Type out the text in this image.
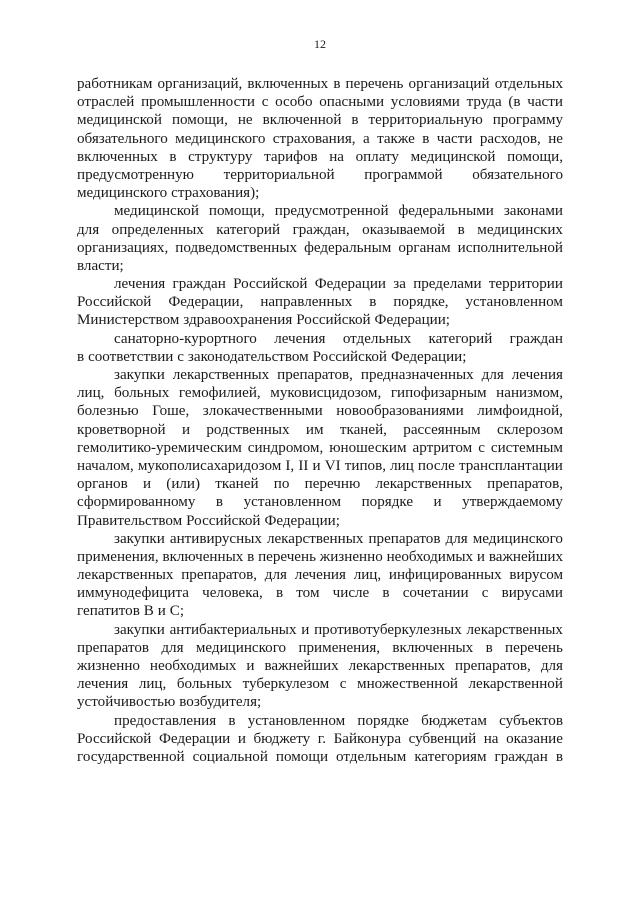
12
работникам организаций, включенных в перечень организаций отдельных
отраслей промышленности с особо опасными условиями труда (в части
медицинской помощи, не включенной в территориальную программу
обязательного медицинского страхования, а также в части расходов, не
включенных в структуру тарифов на оплату медицинской помощи,
предусмотренную территориальной программой обязательного
медицинского страхования);
медицинской помощи, предусмотренной федеральными законами
для определенных категорий граждан, оказываемой в медицинских
организациях, подведомственных федеральным органам исполнительной
власти;
лечения граждан Российской Федерации за пределами территории
Российской Федерации, направленных в порядке, установленном
Министерством здравоохранения Российской Федерации;
санаторно-курортного лечения отдельных категорий граждан
в соответствии с законодательством Российской Федерации;
закупки лекарственных препаратов, предназначенных для лечения
лиц, больных гемофилией, муковисцидозом, гипофизарным нанизмом,
болезнью Гоше, злокачественными новообразованиями лимфоидной,
кроветворной и родственных им тканей, рассеянным склерозом
гемолитико-уремическим синдромом, юношеским артритом с системным
началом, мукополисахаридозом I, II и VI типов, лиц после трансплантации
органов и (или) тканей по перечню лекарственных препаратов,
сформированному в установленном порядке и утверждаемому
Правительством Российской Федерации;
закупки антивирусных лекарственных препаратов для медицинского
применения, включенных в перечень жизненно необходимых и важнейших
лекарственных препаратов, для лечения лиц, инфицированных вирусом
иммунодефицита человека, в том числе в сочетании с вирусами
гепатитов В и С;
закупки антибактериальных и противотуберкулезных лекарственных
препаратов для медицинского применения, включенных в перечень
жизненно необходимых и важнейших лекарственных препаратов, для
лечения лиц, больных туберкулезом с множественной лекарственной
устойчивостью возбудителя;
предоставления в установленном порядке бюджетам субъектов
Российской Федерации и бюджету г. Байконура субвенций на оказание
государственной социальной помощи отдельным категориям граждан в
